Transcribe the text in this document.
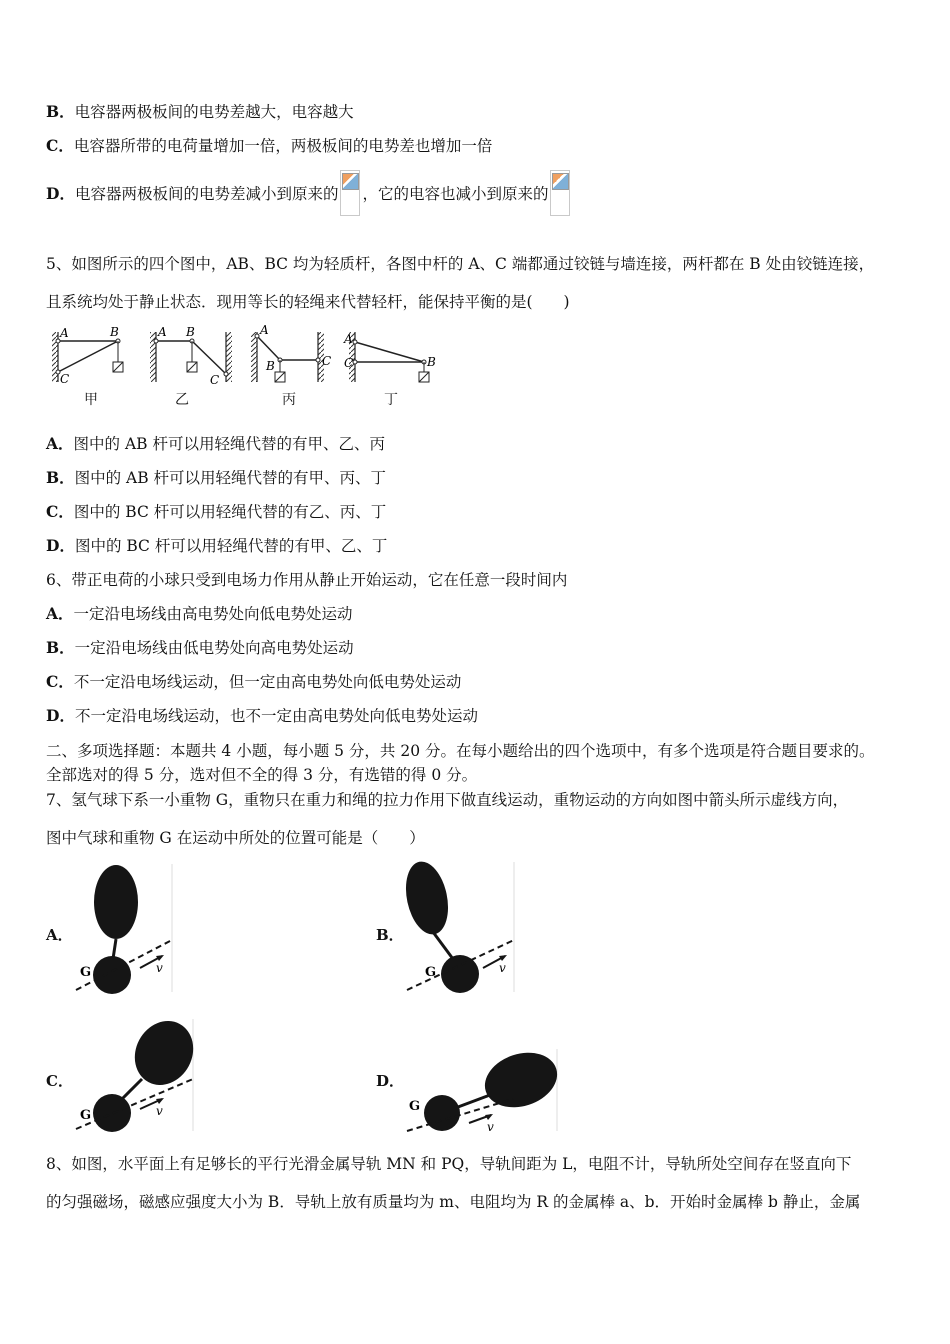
B．电容器两极板间的电势差越大，电容越大
C．电容器所带的电荷量增加一倍，两极板间的电势差也增加一倍
D．电容器两极板间的电势差减小到原来的 ，它的电容也减小到原来的
5、如图所示的四个图中，AB、BC 均为轻质杆，各图中杆的 A、C 端都通过铰链与墙连接，两杆都在 B 处由铰链连接，
且系统均处于静止状态．现用等长的轻绳来代替轻杆，能保持平衡的是(　　)
A	B
C
A B
C
A
B	C
A
B
C
甲	乙	丙	丁
A．图中的 AB 杆可以用轻绳代替的有甲、乙、丙
B．图中的 AB 杆可以用轻绳代替的有甲、丙、丁
C．图中的 BC 杆可以用轻绳代替的有乙、丙、丁
D．图中的 BC 杆可以用轻绳代替的有甲、乙、丁
6、带正电荷的小球只受到电场力作用从静止开始运动，它在任意一段时间内
A．一定沿电场线由高电势处向低电势处运动
B．一定沿电场线由低电势处向高电势处运动
C．不一定沿电场线运动，但一定由高电势处向低电势处运动
D．不一定沿电场线运动，也不一定由高电势处向低电势处运动
二、多项选择题：本题共 4 小题，每小题 5 分，共 20 分。在每小题给出的四个选项中，有多个选项是符合题目要求的。
全部选对的得 5 分，选对但不全的得 3 分，有选错的得 0 分。
7、氢气球下系一小重物 G，重物只在重力和绳的拉力作用下做直线运动，重物运动的方向如图中箭头所示虚线方向，
图中气球和重物 G 在运动中所处的位置可能是（　　）
A．	B．
C．	D．
G	v	G	v
G	v	G
v
8、如图，水平面上有足够长的平行光滑金属导轨 MN 和 PQ，导轨间距为 L，电阻不计，导轨所处空间存在竖直向下
的匀强磁场，磁感应强度大小为 B．导轨上放有质量均为 m、电阻均为 R 的金属棒 a、b．开始时金属棒 b 静止，金属
